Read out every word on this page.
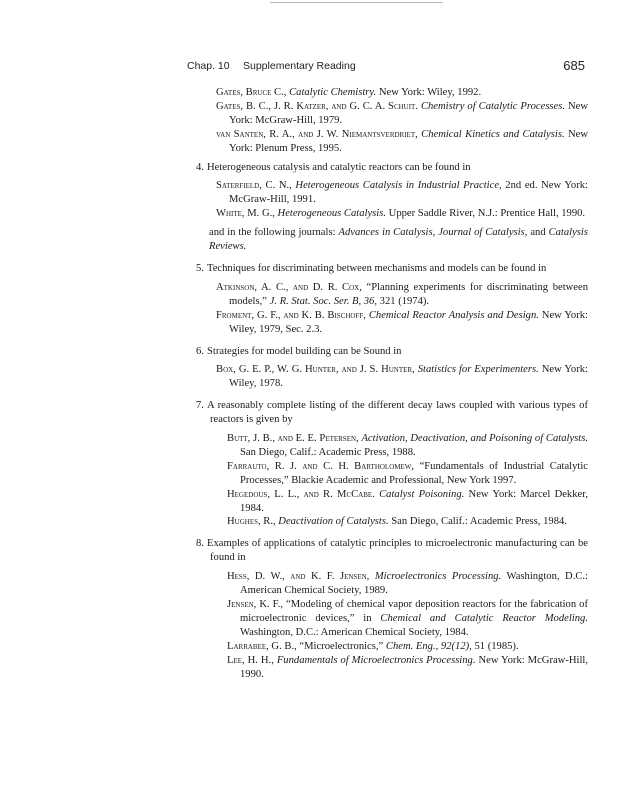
Chap. 10 Supplementary Reading	685
Gates, Bruce C., Catalytic Chemistry. New York: Wiley, 1992.
Gates, B. C., J. R. Katzer, and G. C. A. Schuit. Chemistry of Catalytic Processes. New York: McGraw-Hill, 1979.
van Santen, R. A., and J. W. Niemantsverdriet, Chemical Kinetics and Catalysis. New York: Plenum Press, 1995.
4. Heterogeneous catalysis and catalytic reactors can be found in
Saterfield, C. N., Heterogeneous Catalysis in Industrial Practice, 2nd ed. New York: McGraw-Hill, 1991.
White, M. G., Heterogeneous Catalysis. Upper Saddle River, N.J.: Prentice Hall, 1990.
and in the following journals: Advances in Catalysis, Journal of Catalysis, and Catalysis Reviews.
5. Techniques for discriminating between mechanisms and models can be found in
Atkinson, A. C., and D. R. Cox, “Planning experiments for discriminating between models,” J. R. Stat. Soc. Ser. B, 36, 321 (1974).
Froment, G. F., and K. B. Bischoff, Chemical Reactor Analysis and Design. New York: Wiley, 1979, Sec. 2.3.
6. Strategies for model building can be Sound in
Box, G. E. P., W. G. Hunter, and J. S. Hunter, Statistics for Experimenters. New York: Wiley, 1978.
7. A reasonably complete listing of the different decay laws coupled with various types of reactors is given by
Butt, J. B., and E. E. Petersen, Activation, Deactivation, and Poisoning of Catalysts. San Diego, Calif.: Academic Press, 1988.
Farrauto, R. J. and C. H. Bartholomew, “Fundamentals of Industrial Catalytic Processes,” Blackie Academic and Professional, New York 1997.
Hegedous, L. L., and R. McCabe. Catalyst Poisoning. New York: Marcel Dekker, 1984.
Hughes, R., Deactivation of Catalysts. San Diego, Calif.: Academic Press, 1984.
8. Examples of applications of catalytic principles to microelectronic manufacturing can be found in
Hess, D. W., and K. F. Jensen, Microelectronics Processing. Washington, D.C.: American Chemical Society, 1989.
Jensen, K. F., “Modeling of chemical vapor deposition reactors for the fabrication of microelectronic devices,” in Chemical and Catalytic Reactor Modeling. Washington, D.C.: American Chemical Society, 1984.
Larrabee, G. B., “Microelectronics,” Chem. Eng., 92(12), 51 (1985).
Lee, H. H., Fundamentals of Microelectronics Processing. New York: McGraw-Hill, 1990.
